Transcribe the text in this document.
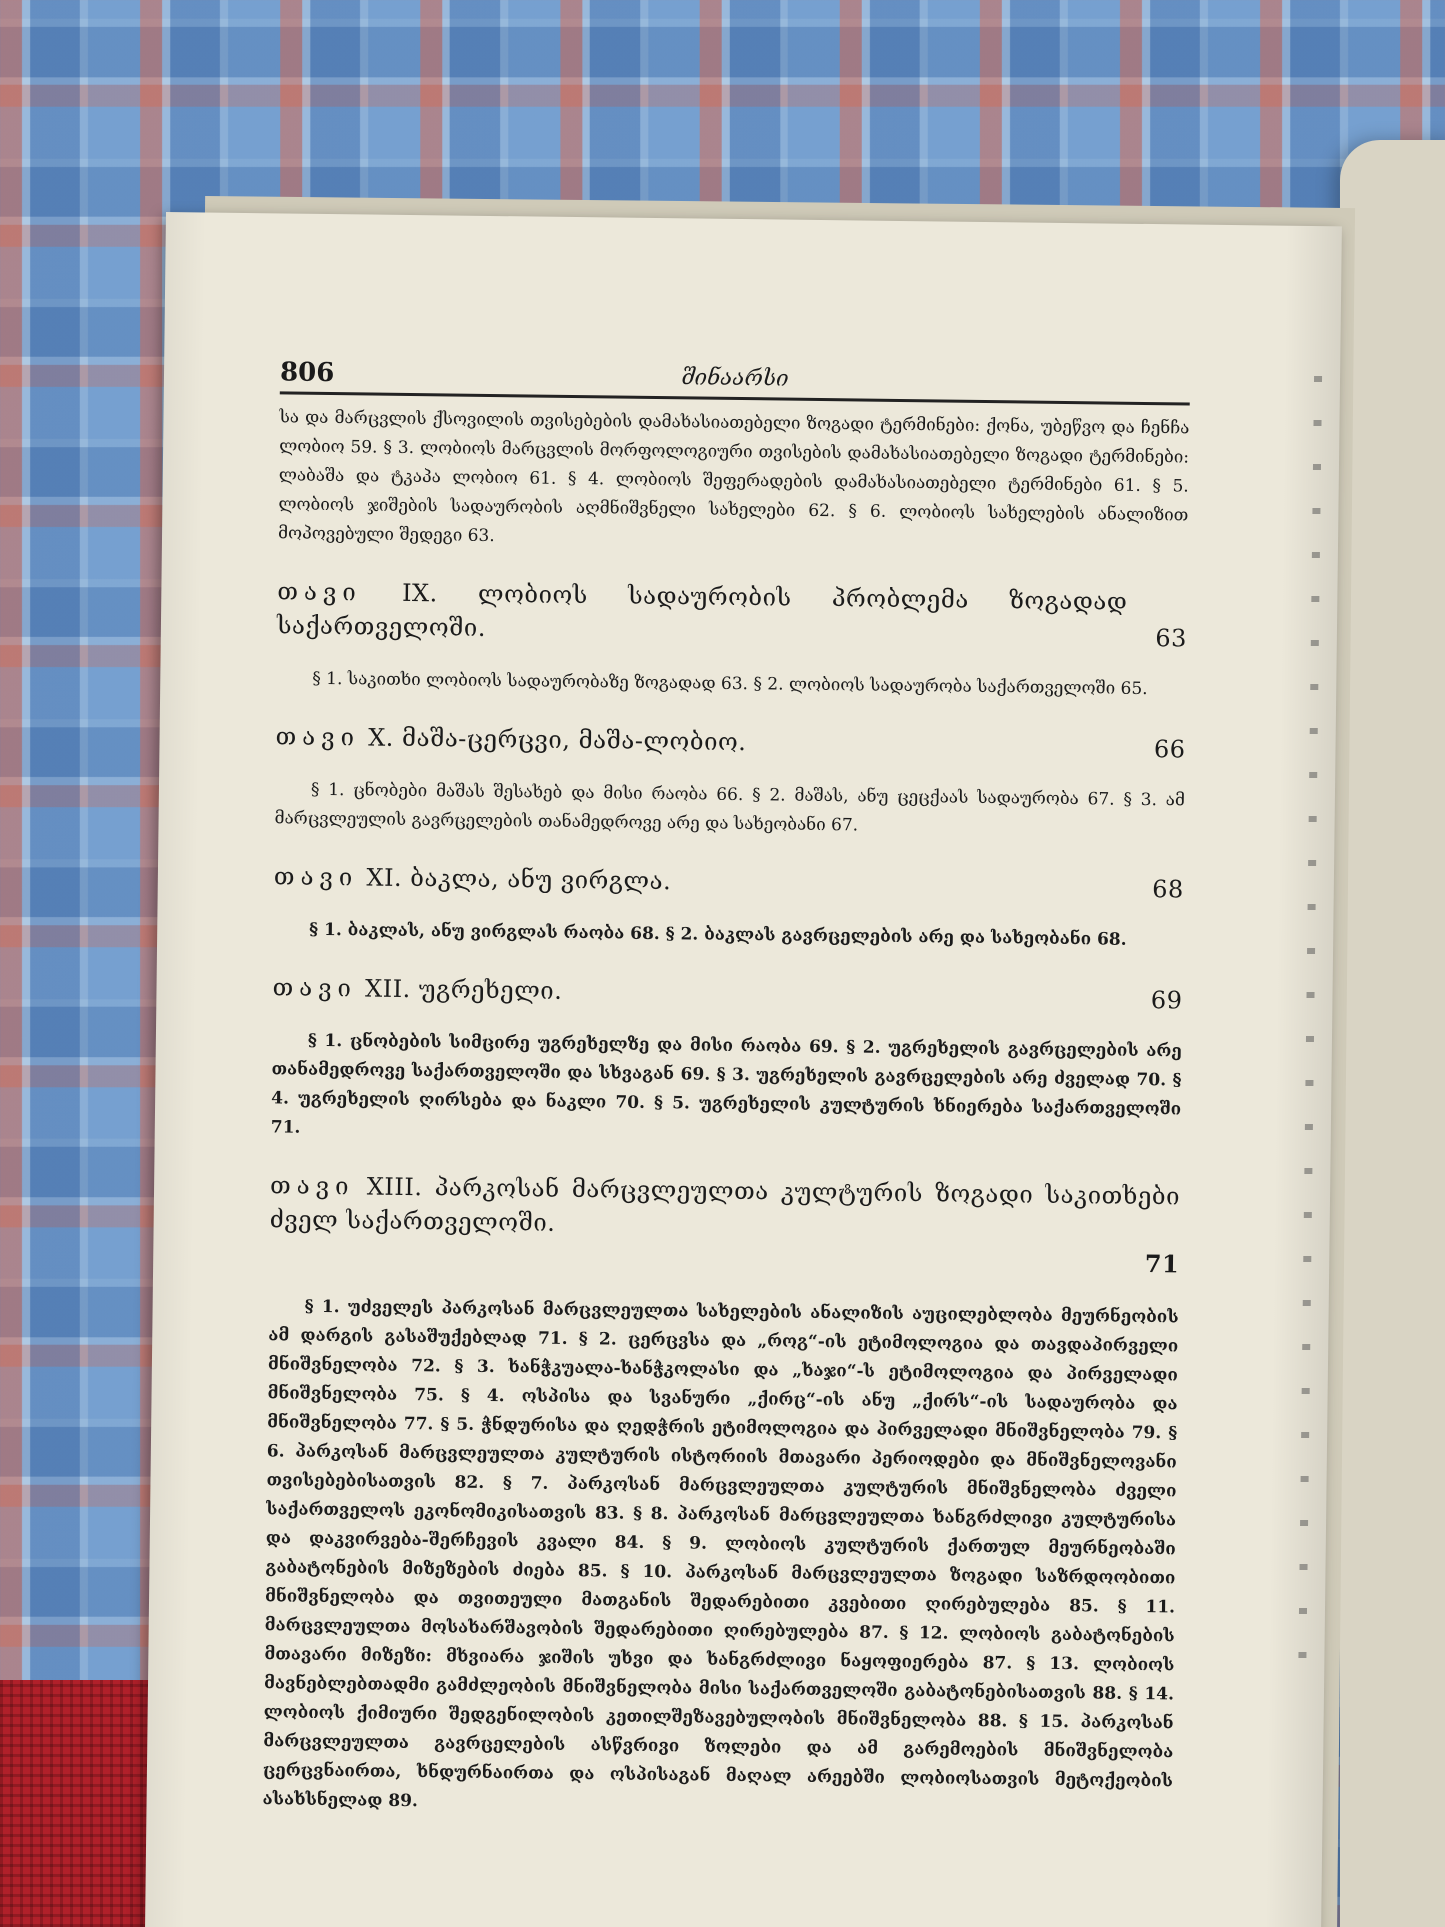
806	შინაარსი

სა და მარცვლის ქსოვილის თვისებების დამახასიათებელი ზოგადი ტერმინები: ქონა, უბეწვო და ჩენჩა ლობიო 59. § 3. ლობიოს მარცვლის მორფოლოგიური თვისების დამახასიათებელი ზოგადი ტერმინები: ლაბაშა და ტკაპა ლობიო 61. § 4. ლობიოს შეფერადების დამახასიათებელი ტერმინები 61. § 5. ლობიოს ჯიშების სადაურობის აღმნიშვნელი სახელები 62. § 6. ლობიოს სახელების ანალიზით მოპოვებული შედეგი 63.

თავი IX. ლობიოს სადაურობის პრობლემა ზოგადად საქართველოში.	63

§ 1. საკითხი ლობიოს სადაურობაზე ზოგადად 63. § 2. ლობიოს სადაურობა საქართველოში 65.

თავი X. მაშა-ცერცვი, მაშა-ლობიო.	66

§ 1. ცნობები მაშას შესახებ და მისი რაობა 66. § 2. მაშას, ანუ ცეცქაას სადაურობა 67. § 3. ამ მარცვლეულის გავრცელების თანამედროვე არე და სახეობანი 67.

თავი XI. ბაკლა, ანუ ვირგლა.	68

§ 1. ბაკლას, ანუ ვირგლას რაობა 68. § 2. ბაკლას გავრცელების არე და სახეობანი 68.

თავი XII. უგრეხელი.	69

§ 1. ცნობების სიმცირე უგრეხელზე და მისი რაობა 69. § 2. უგრეხელის გავრცელების არე თანამედროვე საქართველოში და სხვაგან 69. § 3. უგრეხელის გავრცელების არე ძველად 70. § 4. უგრეხელის ღირსება და ნაკლი 70. § 5. უგრეხელის კულტურის ხნიერება საქართველოში 71.

თავი XIII. პარკოსან მარცვლეულთა კულტურის ზოგადი საკითხები ძველ საქართველოში.
71

§ 1. უძველეს პარკოსან მარცვლეულთა სახელების ანალიზის აუცილებლობა მეურნეობის ამ დარგის გასაშუქებლად 71. § 2. ცერცვსა და „როგ“-ის ეტიმოლოგია და თავდაპირველი მნიშვნელობა 72. § 3. ხანჭკუალა-ხანჭკოლასი და „ხაჯი“-ს ეტიმოლოგია და პირველადი მნიშვნელობა 75. § 4. ოსპისა და სვანური „ქირც“-ის ანუ „ქირს“-ის სადაურობა და მნიშვნელობა 77. § 5. ჭნდურისა და ღედჭრის ეტიმოლოგია და პირველადი მნიშვნელობა 79. § 6. პარკოსან მარცვლეულთა კულტურის ისტორიის მთავარი პერიოდები და მნიშვნელოვანი თვისებებისათვის 82. § 7. პარკოსან მარცვლეულთა კულტურის მნიშვნელობა ძველი საქართველოს ეკონომიკისათვის 83. § 8. პარკოსან მარცვლეულთა ხანგრძლივი კულტურისა და დაკვირვება-შერჩევის კვალი 84. § 9. ლობიოს კულტურის ქართულ მეურნეობაში გაბატონების მიზეზების ძიება 85. § 10. პარკოსან მარცვლეულთა ზოგადი საზრდოობითი მნიშვნელობა და თვითეული მათგანის შედარებითი კვებითი ღირებულება 85. § 11. მარცვლეულთა მოსახარშავობის შედარებითი ღირებულება 87. § 12. ლობიოს გაბატონების მთავარი მიზეზი: მხვიარა ჯიშის უხვი და ხანგრძლივი ნაყოფიერება 87. § 13. ლობიოს მავნებლებთადმი გამძლეობის მნიშვნელობა მისი საქართველოში გაბატონებისათვის 88. § 14. ლობიოს ქიმიური შედგენილობის კეთილშეზავებულობის მნიშვნელობა 88. § 15. პარკოსან მარცვლეულთა გავრცელების ასწვრივი ზოლები და ამ გარემოების მნიშვნელობა ცერცვნაირთა, ხნდურნაირთა და ოსპისაგან მაღალ არეებში ლობიოსათვის მეტოქეობის ასახსნელად 89.
